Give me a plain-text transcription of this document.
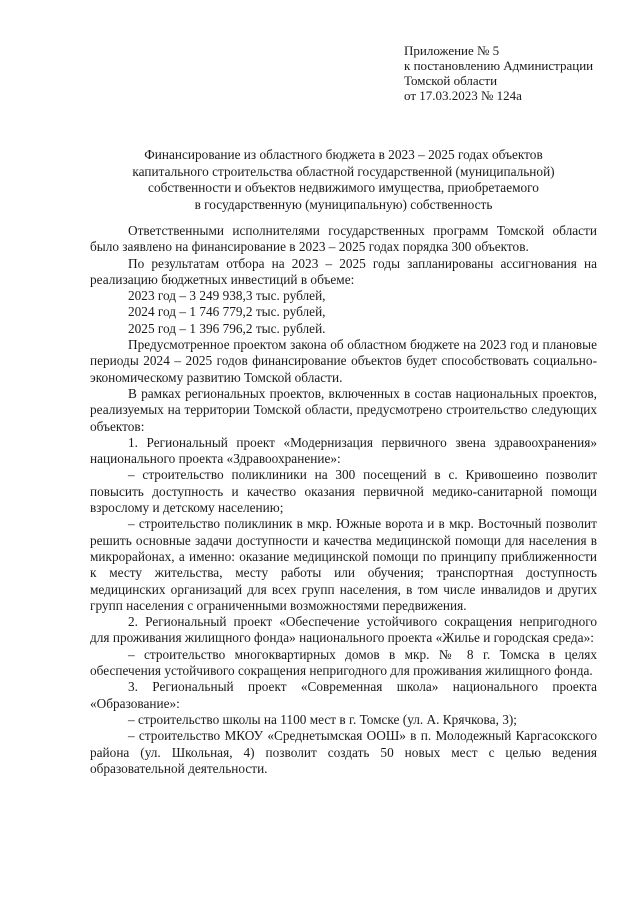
Приложение № 5
к постановлению Администрации
Томской области
от 17.03.2023 № 124а
Финансирование из областного бюджета в 2023 – 2025 годах объектов
капитального строительства областной государственной (муниципальной)
собственности и объектов недвижимого имущества, приобретаемого
в государственную (муниципальную) собственность

Ответственными исполнителями государственных программ Томской области было заявлено на финансирование в 2023 – 2025 годах порядка 300 объектов.

По результатам отбора на 2023 – 2025 годы запланированы ассигнования на реализацию бюджетных инвестиций в объеме:

2023 год – 3 249 938,3 тыс. рублей,

2024 год – 1 746 779,2 тыс. рублей,

2025 год – 1 396 796,2 тыс. рублей.

Предусмотренное проектом закона об областном бюджете на 2023 год и плановые периоды 2024 – 2025 годов финансирование объектов будет способствовать социально-экономическому развитию Томской области.

В рамках региональных проектов, включенных в состав национальных проектов, реализуемых на территории Томской области, предусмотрено строительство следующих объектов:

1. Региональный проект «Модернизация первичного звена здравоохранения» национального проекта «Здравоохранение»:

– строительство поликлиники на 300 посещений в с. Кривошеино позволит повысить доступность и качество оказания первичной медико-санитарной помощи взрослому и детскому населению;

– строительство поликлиник в мкр. Южные ворота и в мкр. Восточный позволит решить основные задачи доступности и качества медицинской помощи для населения в микрорайонах, а именно: оказание медицинской помощи по принципу приближенности к месту жительства, месту работы или обучения; транспортная доступность медицинских организаций для всех групп населения, в том числе инвалидов и других групп населения с ограниченными возможностями передвижения.

2. Региональный проект «Обеспечение устойчивого сокращения непригодного для проживания жилищного фонда» национального проекта «Жилье и городская среда»:

– строительство многоквартирных домов в мкр. № 8 г. Томска в целях обеспечения устойчивого сокращения непригодного для проживания жилищного фонда.

3. Региональный проект «Современная школа» национального проекта «Образование»:

– строительство школы на 1100 мест в г. Томске (ул. А. Крячкова, 3);

– строительство МКОУ «Среднетымская ООШ» в п. Молодежный Каргасокского района (ул. Школьная, 4) позволит создать 50 новых мест с целью ведения образовательной деятельности.
